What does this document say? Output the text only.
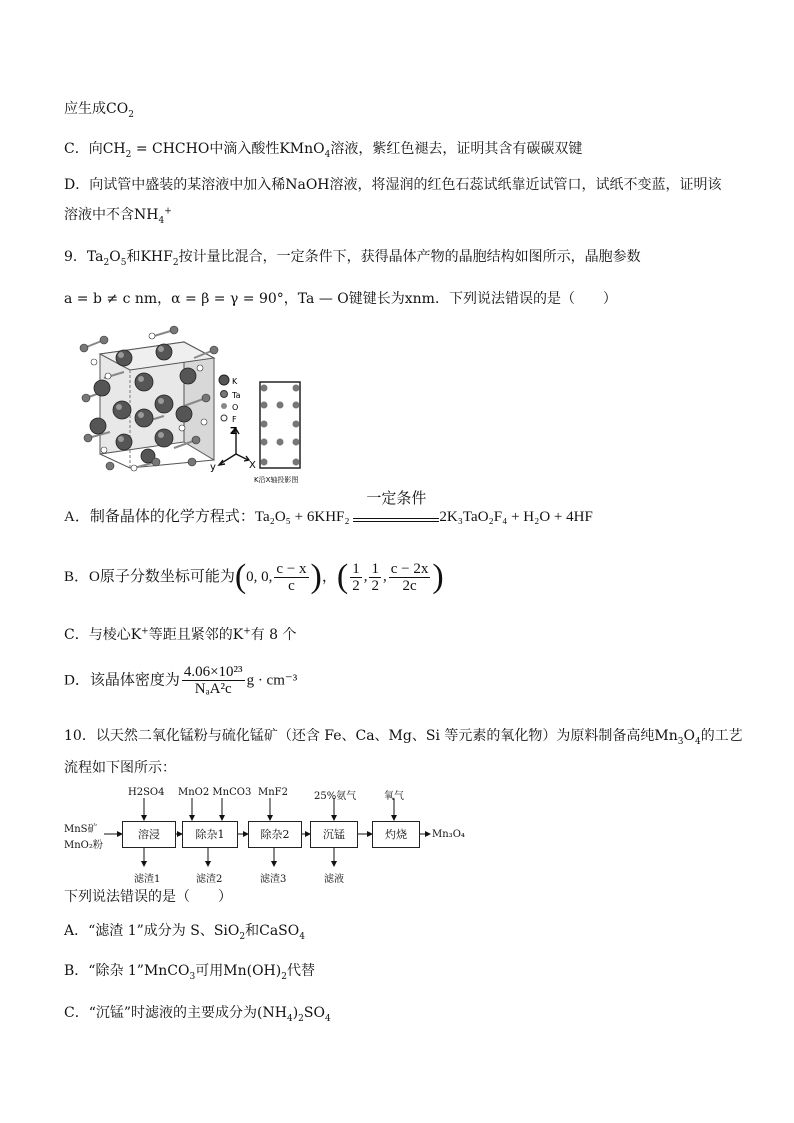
应生成$CO_2$
C．向$CH_2$ = CHCHO中滴入酸性KMnO$_4$溶液，紫红色褪去，证明其含有碳碳双键
D．向试管中盛装的某溶液中加入稀NaOH溶液，将湿润的红色石蕊试纸靠近试管口，试纸不变蓝，证明该
溶液中不含$NH_4^+$
9．$Ta_2O_5$和$KHF_2$按计量比混合，一定条件下，获得晶体产物的晶胞结构如图所示，晶胞参数
a = b ≠ c nm，α = β = γ = 90°，Ta — O键键长为xnm．下列说法错误的是（　　）
K
Ta
O
F
Z
y	X
K沿X轴投影图
A．制备晶体的化学方程式：Ta₂O₅ + 6KHF₂
一定条件
2K₃TaO₂F₄ + H₂O + 4HF
B．O原子分数坐标可能为(0, 0, $\frac{c - x}{c}$ )，( $\frac{1}{2}$ , $\frac{1}{2}$ , $\frac{c - 2x}{2c}$ )
C．与棱心K+等距且紧邻的K+有 8 个
D．该晶体密度为 $\frac{\text{4.06×10²³}}{\text{NₐA²c}}$ g · cm⁻³
10．以天然二氧化锰粉与硫化锰矿（还含 Fe、Ca、Mg、Si 等元素的氧化物）为原料制备高纯$Mn_3O_4$的工艺
流程如下图所示：
MnS矿
MnO₂粉
溶浸	除杂1	除杂2	沉锰	灼烧
H2SO4 MnO2 MnCO3 MnF2	25%氨气	氧气
滤渣1	滤渣2	滤渣3	滤液
Mn₃O₄
下列说法错误的是（　　）
A．“滤渣 1”成分为 S、SiO$_2$和CaSO$_4$
B．“除杂 1”MnCO$_3$可用$Mn(OH)_2$代替
C．“沉锰”时滤液的主要成分为$(NH_4)_2SO_4$
